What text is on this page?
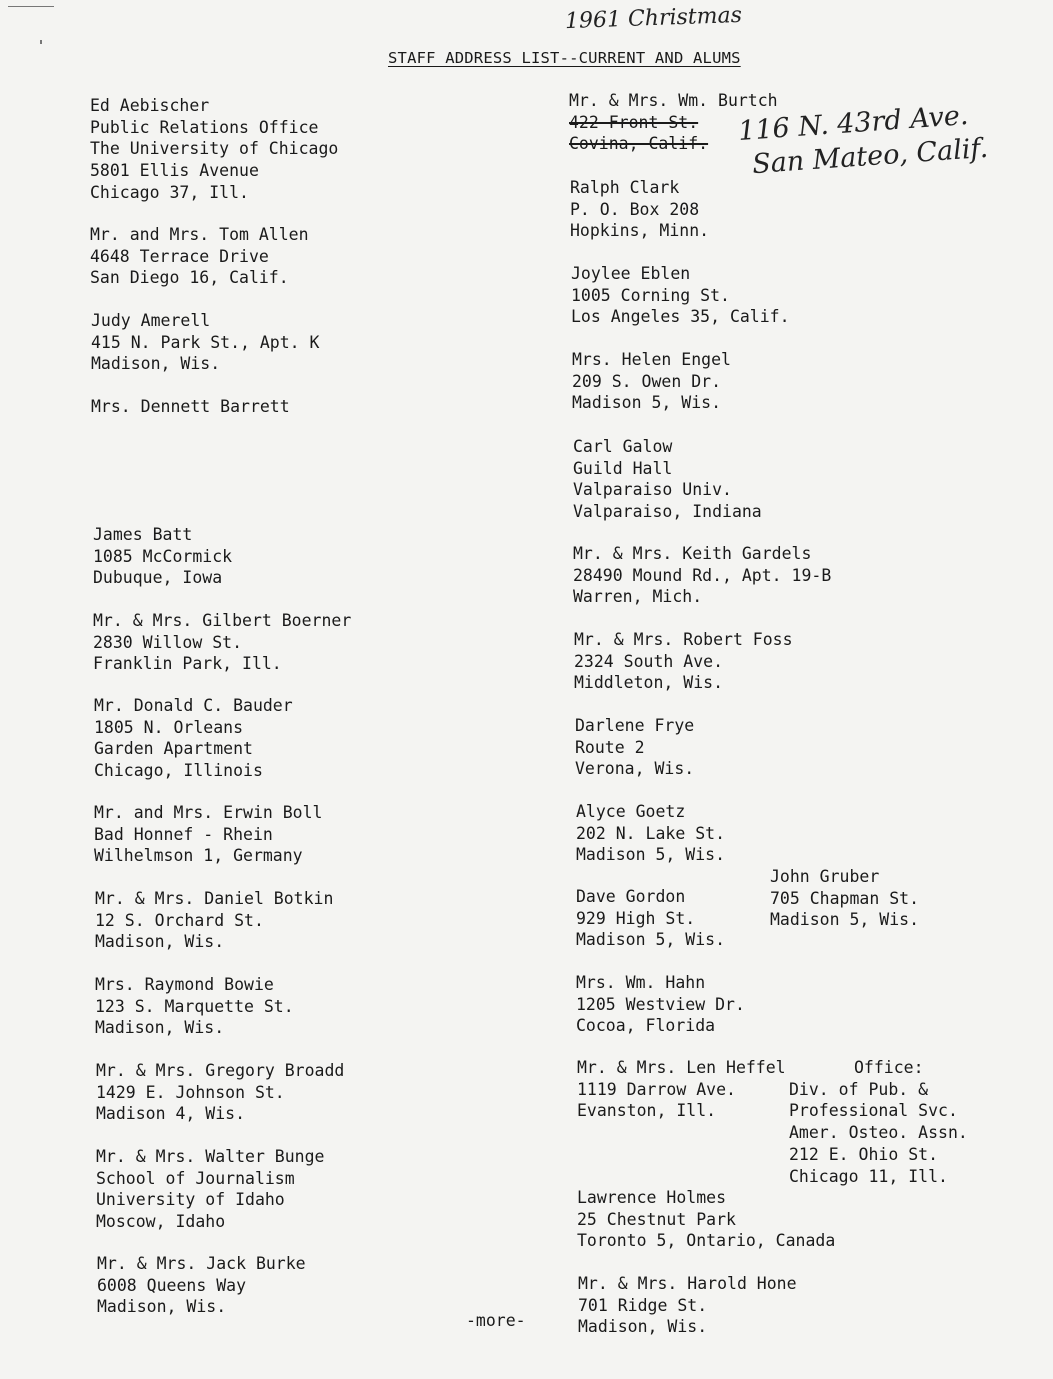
1961 Christmas
STAFF ADDRESS LIST--CURRENT AND ALUMS
Ed Aebischer
Public Relations Office
The University of Chicago
5801 Ellis Avenue
Chicago 37, Ill.
Mr. and Mrs. Tom Allen
4648 Terrace Drive
San Diego 16, Calif.
Judy Amerell
415 N. Park St., Apt. K
Madison, Wis.
Mrs. Dennett Barrett
James Batt
1085 McCormick
Dubuque, Iowa
Mr. & Mrs. Gilbert Boerner
2830 Willow St.
Franklin Park, Ill.
Mr. Donald C. Bauder
1805 N. Orleans
Garden Apartment
Chicago, Illinois
Mr. and Mrs. Erwin Boll
Bad Honnef - Rhein
Wilhelmson 1, Germany
Mr. & Mrs. Daniel Botkin
12 S. Orchard St.
Madison, Wis.
Mrs. Raymond Bowie
123 S. Marquette St.
Madison, Wis.
Mr. & Mrs. Gregory Broadd
1429 E. Johnson St.
Madison 4, Wis.
Mr. & Mrs. Walter Bunge
School of Journalism
University of Idaho
Moscow, Idaho
Mr. & Mrs. Jack Burke
6008 Queens Way
Madison, Wis.
Mr. & Mrs. Wm. Burtch
422 Front St.
Covina, Calif.	116 N. 43rd Ave.
San Mateo, Calif.
Ralph Clark
P. O. Box 208
Hopkins, Minn.
Joylee Eblen
1005 Corning St.
Los Angeles 35, Calif.
Mrs. Helen Engel
209 S. Owen Dr.
Madison 5, Wis.
Carl Galow
Guild Hall
Valparaiso Univ.
Valparaiso, Indiana
Mr. & Mrs. Keith Gardels
28490 Mound Rd., Apt. 19-B
Warren, Mich.
Mr. & Mrs. Robert Foss
2324 South Ave.
Middleton, Wis.
Darlene Frye
Route 2
Verona, Wis.
Alyce Goetz
202 N. Lake St.
Madison 5, Wis.
Dave Gordon
929 High St.
Madison 5, Wis.
John Gruber
705 Chapman St.
Madison 5, Wis.
Mrs. Wm. Hahn
1205 Westview Dr.
Cocoa, Florida
Mr. & Mrs. Len Heffel
1119 Darrow Ave.
Evanston, Ill.
Office:
Div. of Pub. &
Professional Svc.
Amer. Osteo. Assn.
212 E. Ohio St.
Chicago 11, Ill.
Lawrence Holmes
25 Chestnut Park
Toronto 5, Ontario, Canada
Mr. & Mrs. Harold Hone
701 Ridge St.
Madison, Wis.
-more-
